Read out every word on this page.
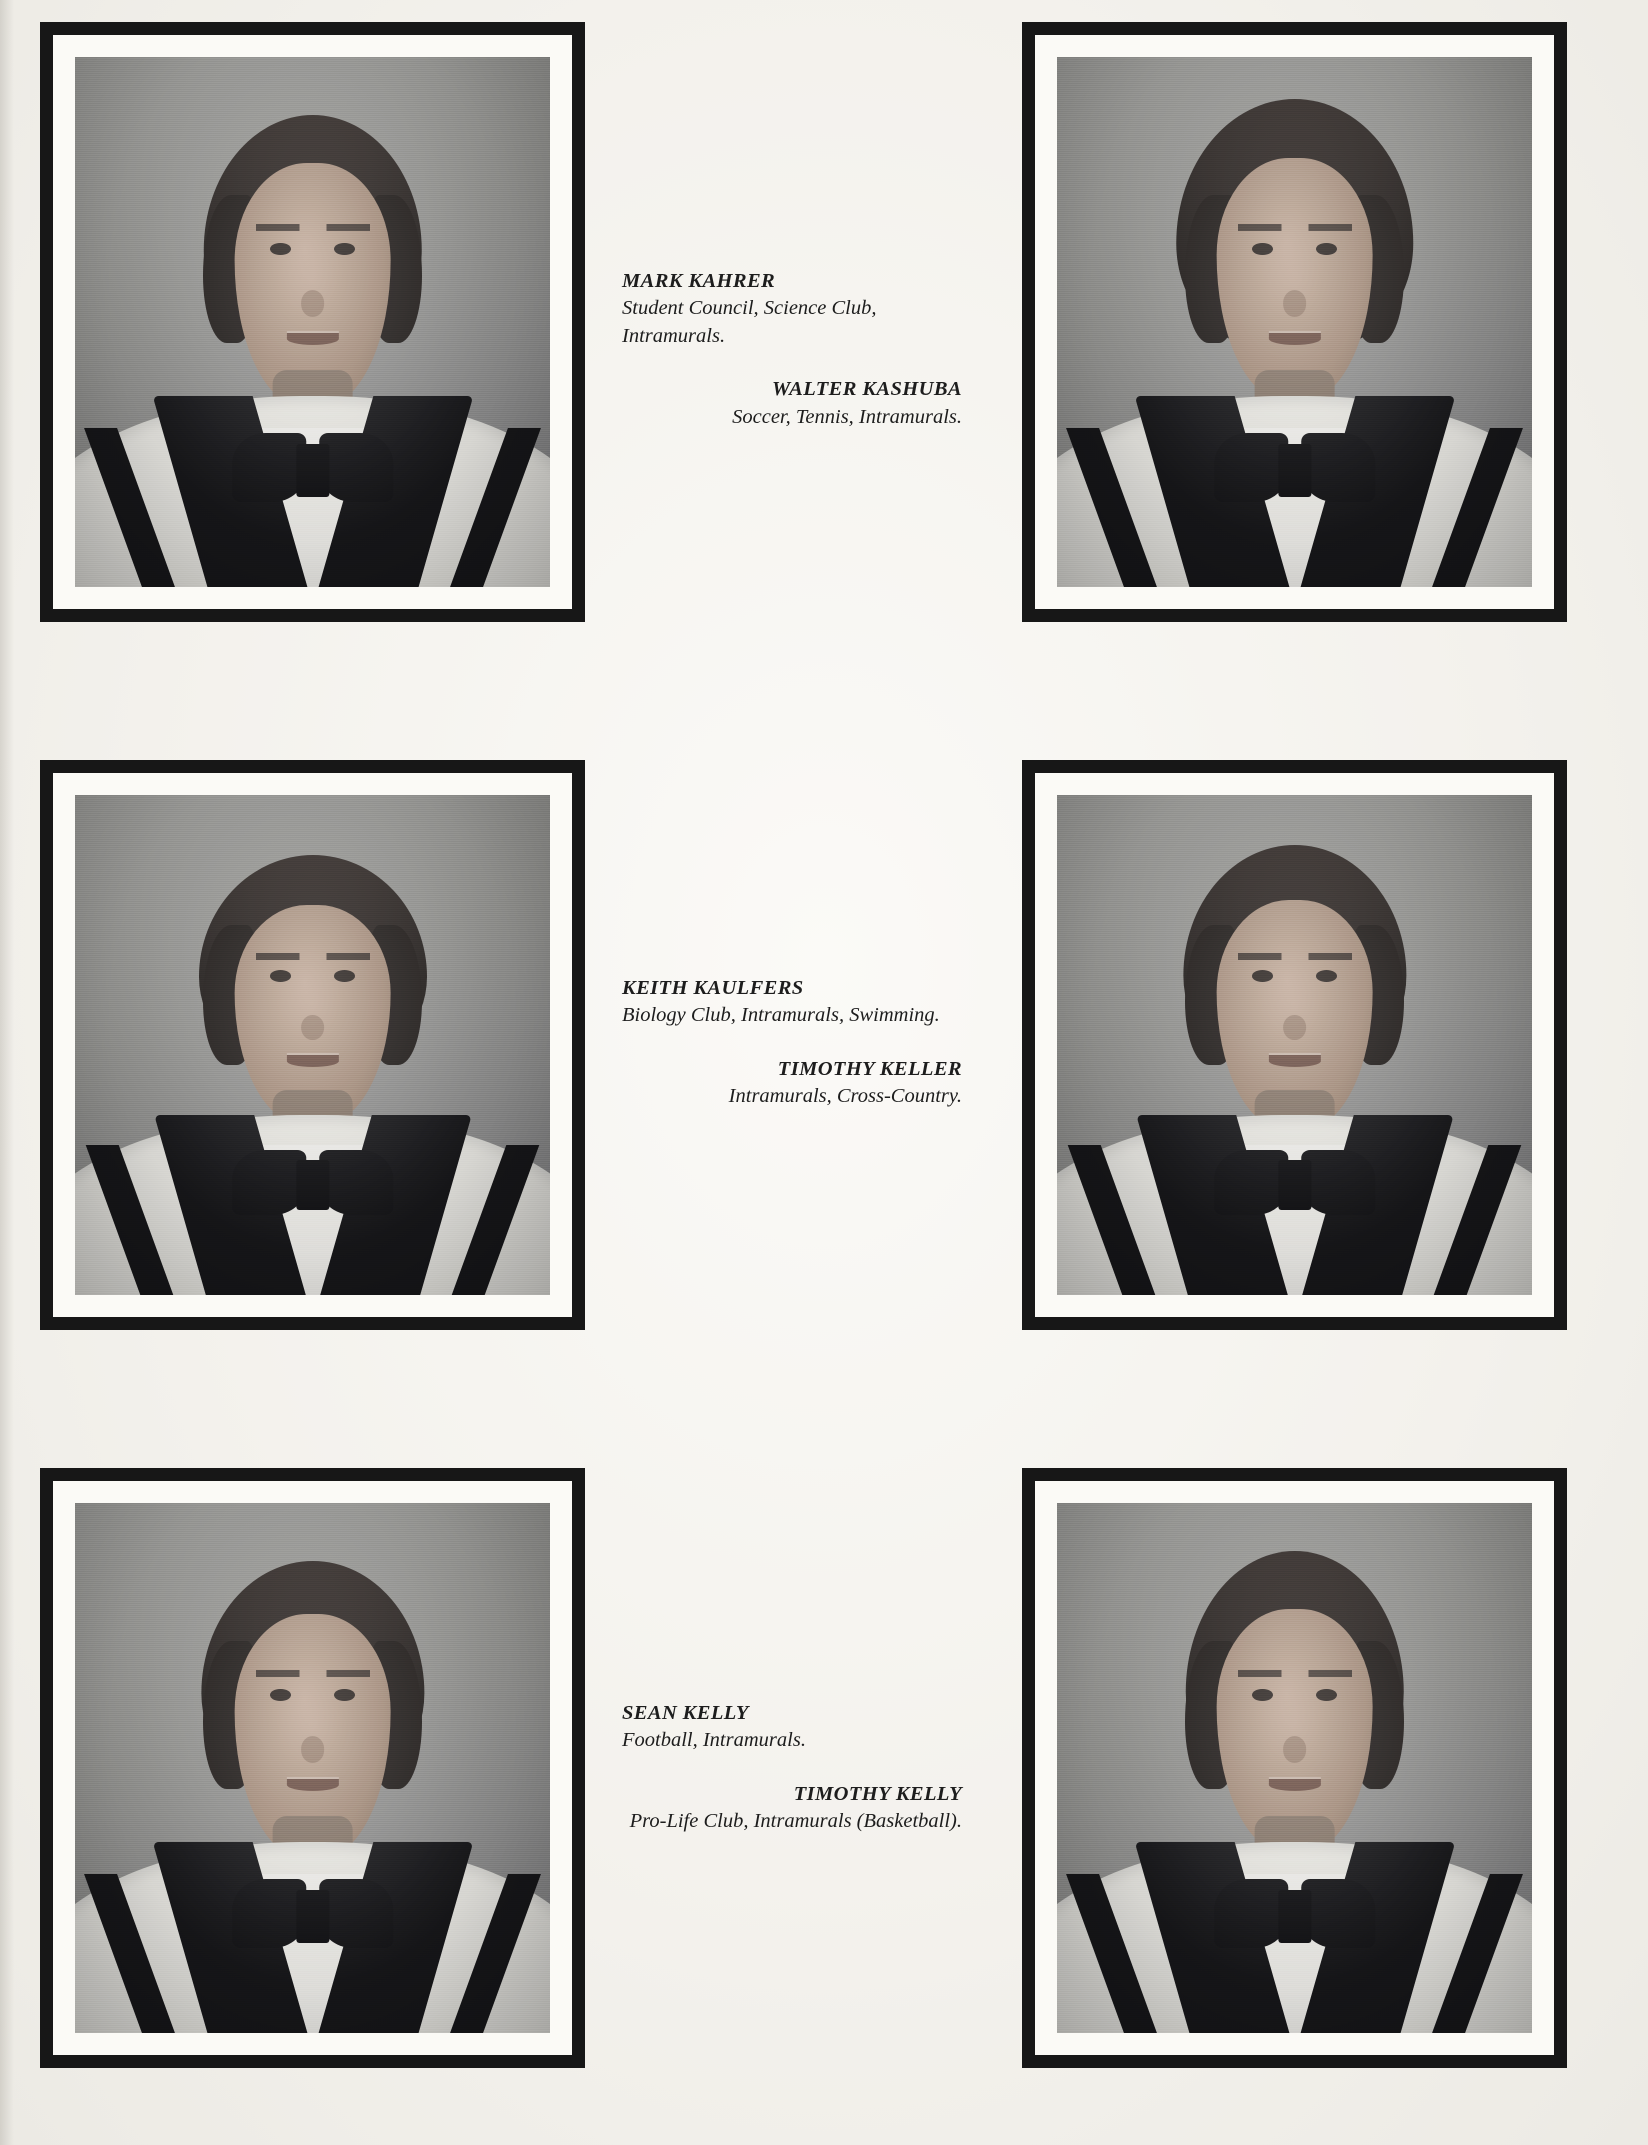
MARK KAHRER
Student Council, Science Club, Intramurals.
WALTER KASHUBA
Soccer, Tennis, Intramurals.
KEITH KAULFERS
Biology Club, Intramurals, Swimming.
TIMOTHY KELLER
Intramurals, Cross-Country.
SEAN KELLY
Football, Intramurals.
TIMOTHY KELLY
Pro-Life Club, Intramurals (Basketball).
